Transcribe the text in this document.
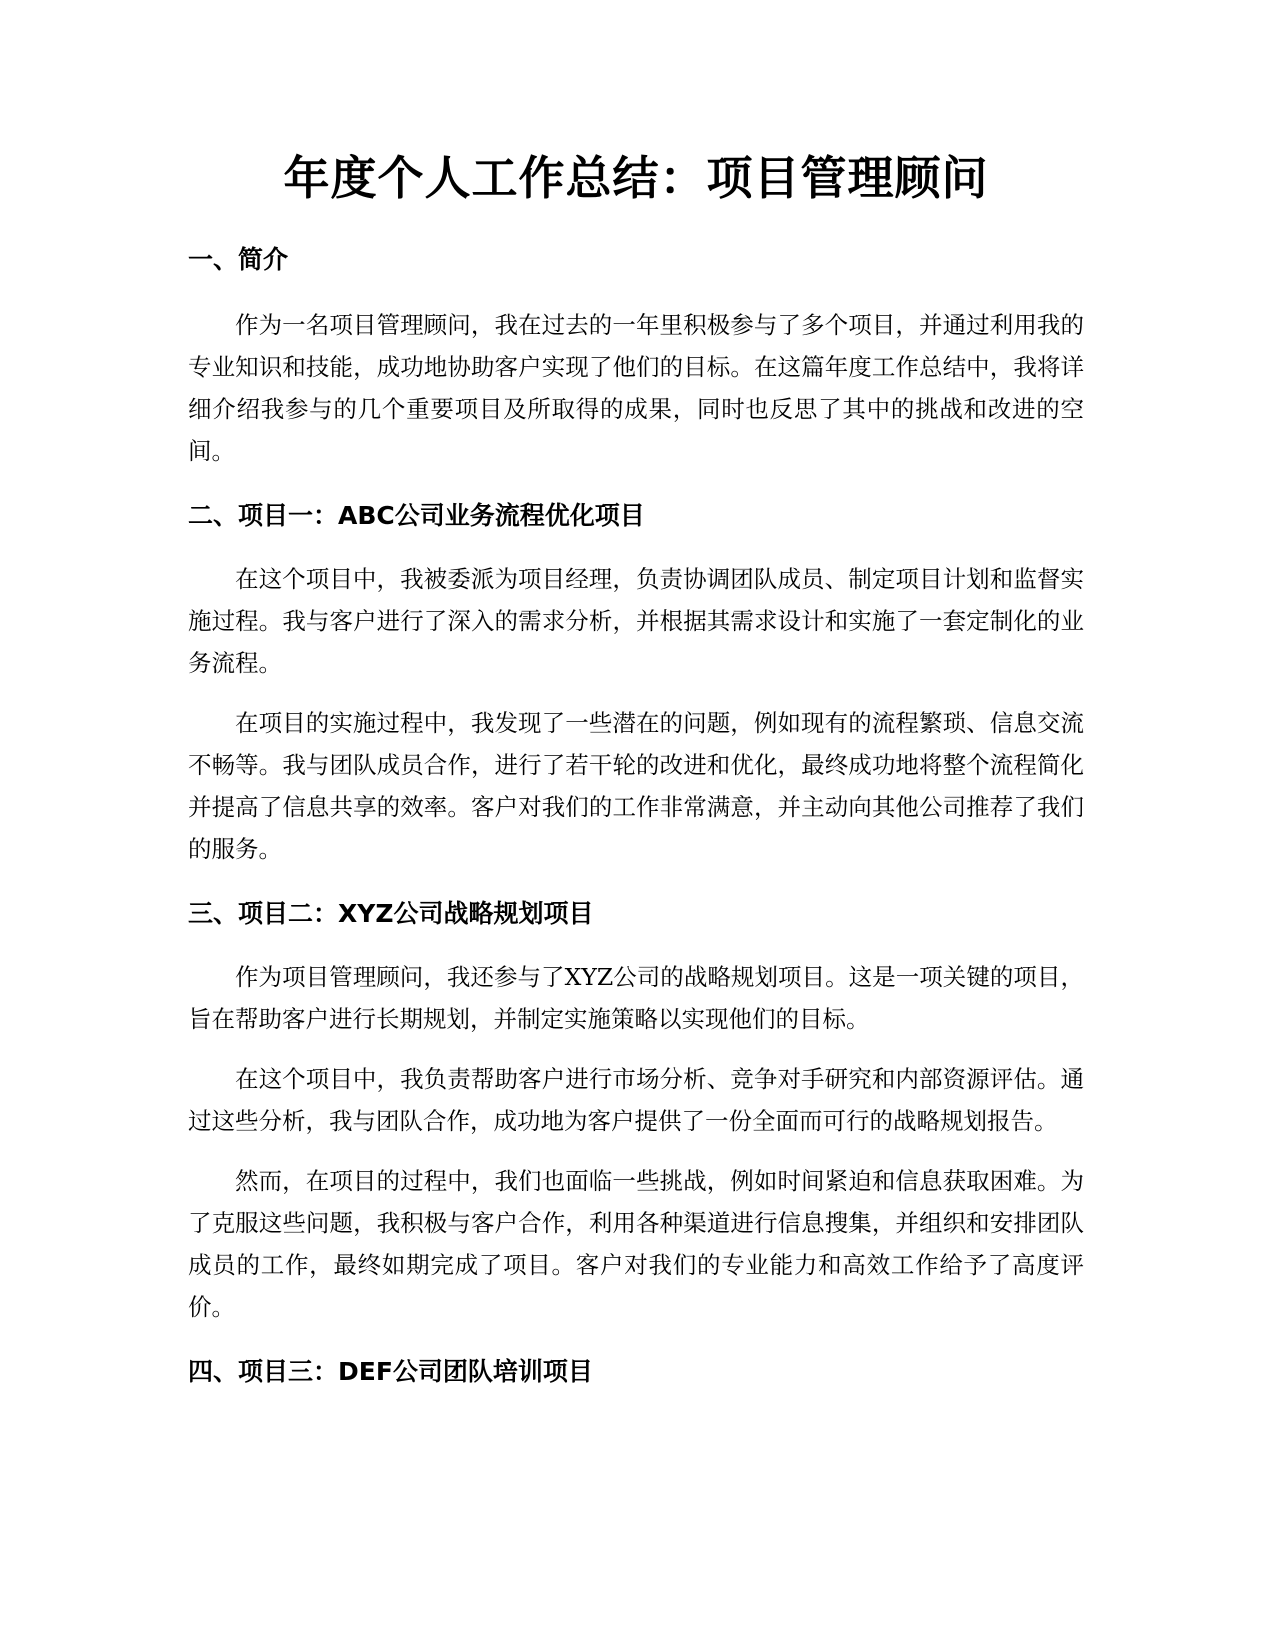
年度个人工作总结：项目管理顾问
一、简介

作为一名项目管理顾问，我在过去的一年里积极参与了多个项目，并通过利用我的专业知识和技能，成功地协助客户实现了他们的目标。在这篇年度工作总结中，我将详细介绍我参与的几个重要项目及所取得的成果，同时也反思了其中的挑战和改进的空间。

二、项目一：ABC公司业务流程优化项目

在这个项目中，我被委派为项目经理，负责协调团队成员、制定项目计划和监督实施过程。我与客户进行了深入的需求分析，并根据其需求设计和实施了一套定制化的业务流程。

在项目的实施过程中，我发现了一些潜在的问题，例如现有的流程繁琐、信息交流不畅等。我与团队成员合作，进行了若干轮的改进和优化，最终成功地将整个流程简化并提高了信息共享的效率。客户对我们的工作非常满意，并主动向其他公司推荐了我们的服务。

三、项目二：XYZ公司战略规划项目

作为项目管理顾问，我还参与了XYZ公司的战略规划项目。这是一项关键的项目，旨在帮助客户进行长期规划，并制定实施策略以实现他们的目标。

在这个项目中，我负责帮助客户进行市场分析、竞争对手研究和内部资源评估。通过这些分析，我与团队合作，成功地为客户提供了一份全面而可行的战略规划报告。

然而，在项目的过程中，我们也面临一些挑战，例如时间紧迫和信息获取困难。为了克服这些问题，我积极与客户合作，利用各种渠道进行信息搜集，并组织和安排团队成员的工作，最终如期完成了项目。客户对我们的专业能力和高效工作给予了高度评价。

四、项目三：DEF公司团队培训项目
